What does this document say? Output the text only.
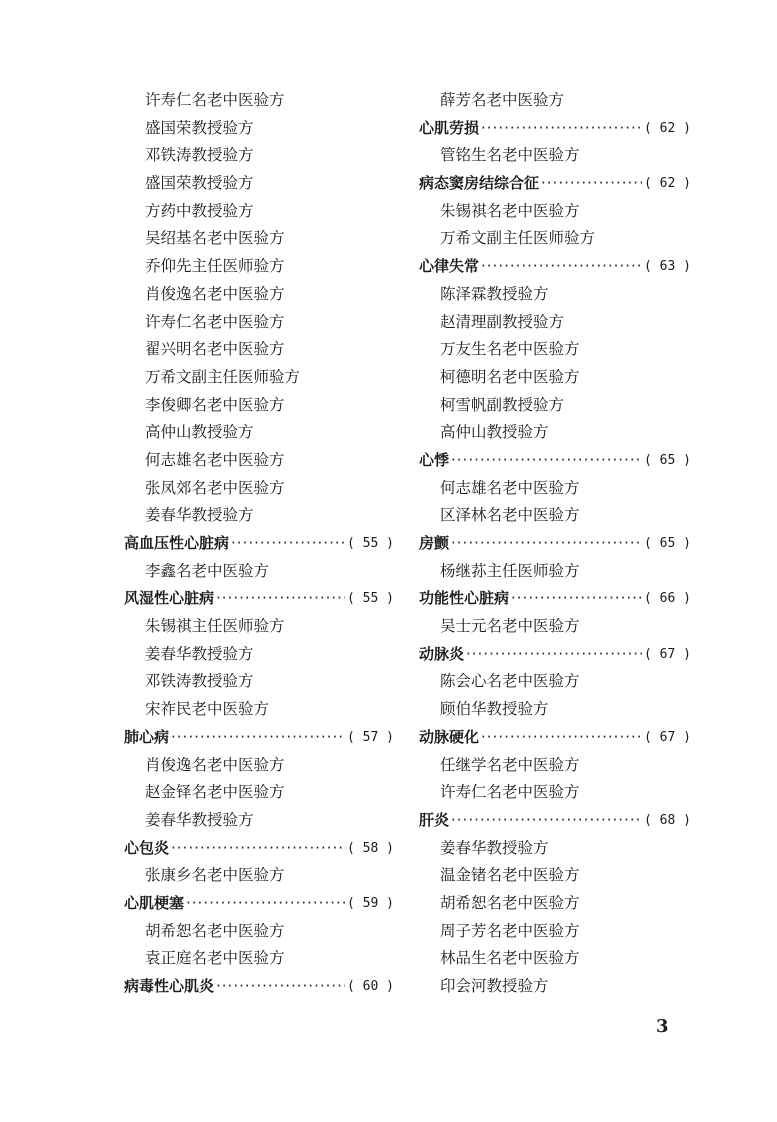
许寿仁名老中医验方
盛国荣教授验方
邓铁涛教授验方
盛国荣教授验方
方药中教授验方
吴绍基名老中医验方
乔仰先主任医师验方
肖俊逸名老中医验方
许寿仁名老中医验方
翟兴明名老中医验方
万希文副主任医师验方
李俊卿名老中医验方
高仲山教授验方
何志雄名老中医验方
张凤郊名老中医验方
姜春华教授验方
高血压性心脏病 ·····	( 55 )
李鑫名老中医验方
风湿性心脏病 ·····	( 55 )
朱锡祺主任医师验方
姜春华教授验方
邓铁涛教授验方
宋祚民老中医验方
肺心病 ·····	( 57 )
肖俊逸名老中医验方
赵金铎名老中医验方
姜春华教授验方
心包炎 ·····	( 58 )
张康乡名老中医验方
心肌梗塞 ·····	( 59 )
胡希恕名老中医验方
袁正庭名老中医验方
病毒性心肌炎 ·····	( 60 )
薛芳名老中医验方
心肌劳损 ·····	( 62 )
管铭生名老中医验方
病态窦房结综合征 ·····	( 62 )
朱锡祺名老中医验方
万希文副主任医师验方
心律失常 ·····	( 63 )
陈泽霖教授验方
赵清理副教授验方
万友生名老中医验方
柯德明名老中医验方
柯雪帆副教授验方
高仲山教授验方
心悸 ·····	( 65 )
何志雄名老中医验方
区泽林名老中医验方
房颤 ·····	( 65 )
杨继荪主任医师验方
功能性心脏病 ·····	( 66 )
吴士元名老中医验方
动脉炎 ·····	( 67 )
陈会心名老中医验方
顾伯华教授验方
动脉硬化 ·····	( 67 )
任继学名老中医验方
许寿仁名老中医验方
肝炎 ·····	( 68 )
姜春华教授验方
温金锗名老中医验方
胡希恕名老中医验方
周子芳名老中医验方
林品生名老中医验方
印会河教授验方
3
